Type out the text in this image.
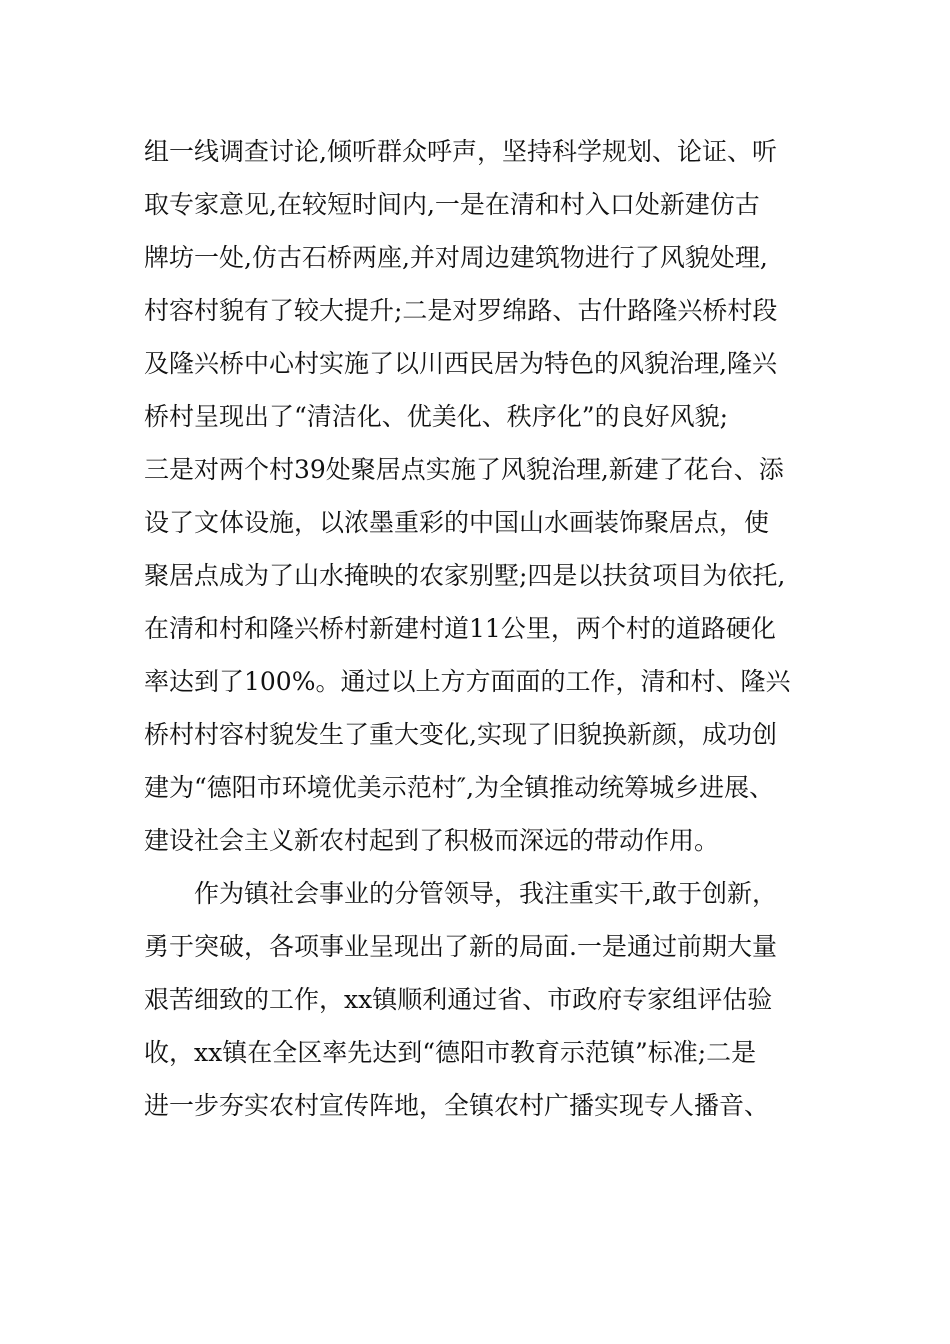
组一线调查讨论,倾听群众呼声，坚持科学规划、论证、听
取专家意见,在较短时间内,一是在清和村入口处新建仿古
牌坊一处,仿古石桥两座,并对周边建筑物进行了风貌处理,
村容村貌有了较大提升;二是对罗绵路、古什路隆兴桥村段
及隆兴桥中心村实施了以川西民居为特色的风貌治理,隆兴
桥村呈现出了“清洁化、优美化、秩序化”的良好风貌;
三是对两个村39处聚居点实施了风貌治理,新建了花台、添
设了文体设施，以浓墨重彩的中国山水画装饰聚居点，使
聚居点成为了山水掩映的农家别墅;四是以扶贫项目为依托,
在清和村和隆兴桥村新建村道11公里，两个村的道路硬化
率达到了100%。通过以上方方面面的工作，清和村、隆兴
桥村村容村貌发生了重大变化,实现了旧貌换新颜，成功创
建为“德阳市环境优美示范村″,为全镇推动统筹城乡进展、
建设社会主义新农村起到了积极而深远的带动作用。
作为镇社会事业的分管领导，我注重实干,敢于创新，
勇于突破，各项事业呈现出了新的局面.一是通过前期大量
艰苦细致的工作，xx镇顺利通过省、市政府专家组评估验
收，xx镇在全区率先达到“德阳市教育示范镇”标准;二是
进一步夯实农村宣传阵地，全镇农村广播实现专人播音、
